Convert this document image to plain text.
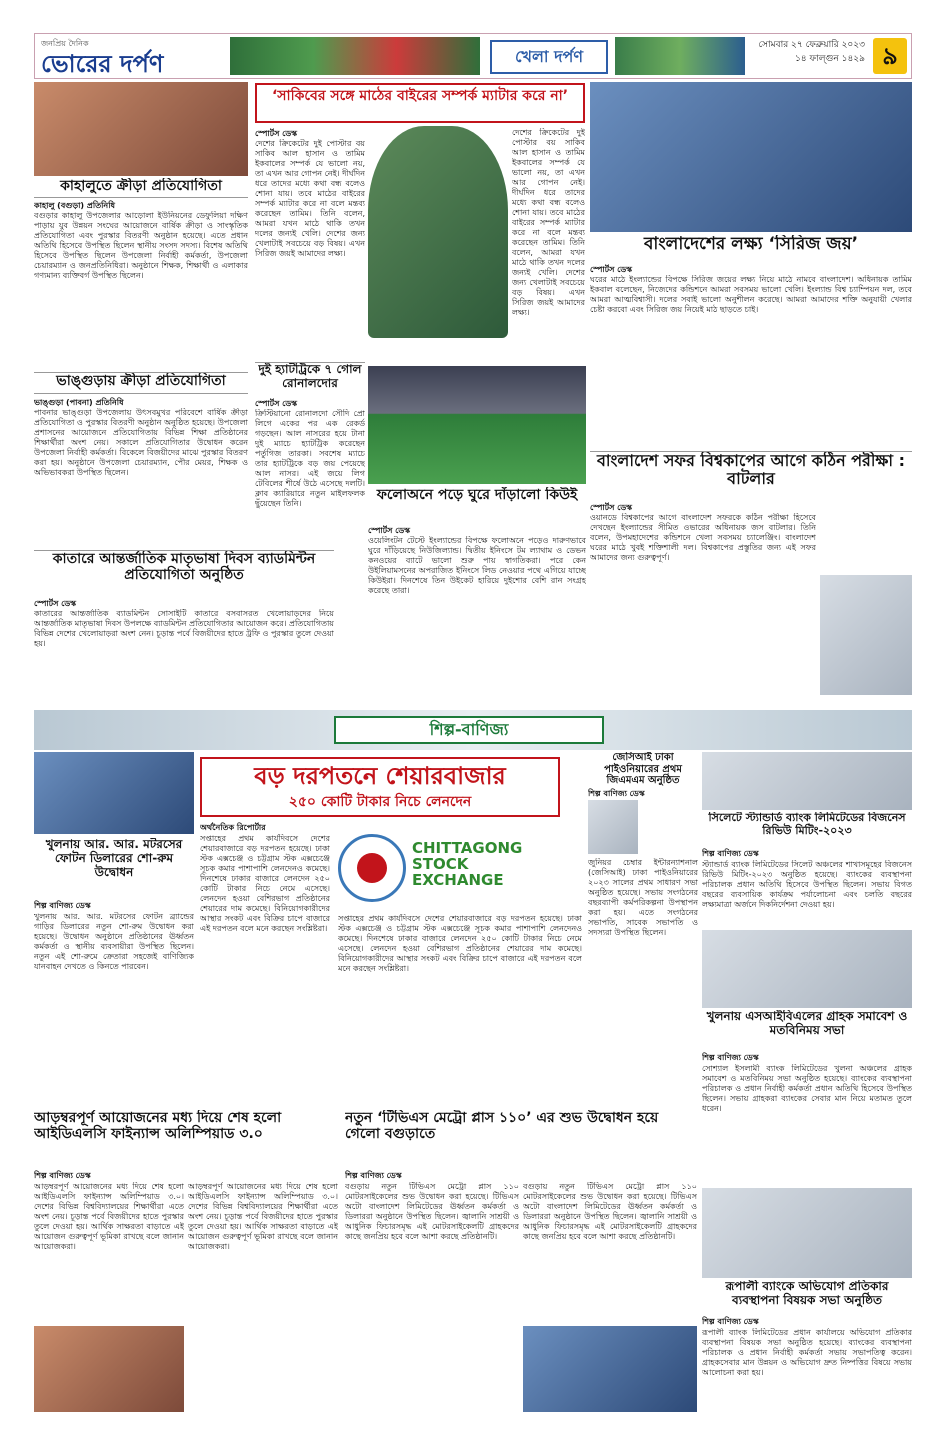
জনপ্রিয় দৈনিক
ভোরের দর্পণ	খেলা দর্পণ
সোমবার ২৭ ফেব্রুয়ারি ২০২৩
১৪ ফাল্গুন ১৪২৯ ৯
কাহালুতে ক্রীড়া প্রতিযোগিতা
কাহালু (বগুড়া) প্রতিনিধি
বগুড়ার কাহালু উপজেলার আড়োলা ইউনিয়নের ডেফুলিয়া দক্ষিণ পাড়ায় যুব উন্নয়ন সংঘের আয়োজনে বার্ষিক ক্রীড়া ও সাংস্কৃতিক প্রতিযোগিতা এবং পুরস্কার বিতরণী অনুষ্ঠান হয়েছে। এতে প্রধান অতিথি হিসেবে উপস্থিত ছিলেন স্থানীয় সংসদ সদস্য। বিশেষ অতিথি হিসেবে উপস্থিত ছিলেন উপজেলা নির্বাহী কর্মকর্তা, উপজেলা চেয়ারম্যান ও জনপ্রতিনিধিরা। অনুষ্ঠানে শিক্ষক, শিক্ষার্থী ও এলাকার গণ্যমান্য ব্যক্তিবর্গ উপস্থিত ছিলেন।
ভাঙ্গুড়ায় ক্রীড়া প্রতিযোগিতা
ভাঙ্গুড়া (পাবনা) প্রতিনিধি
পাবনার ভাঙ্গুড়া উপজেলায় উৎসবমুখর পরিবেশে বার্ষিক ক্রীড়া প্রতিযোগিতা ও পুরস্কার বিতরণী অনুষ্ঠান অনুষ্ঠিত হয়েছে। উপজেলা প্রশাসনের আয়োজনে প্রতিযোগিতায় বিভিন্ন শিক্ষা প্রতিষ্ঠানের শিক্ষার্থীরা অংশ নেয়। সকালে প্রতিযোগিতার উদ্বোধন করেন উপজেলা নির্বাহী কর্মকর্তা। বিকেলে বিজয়ীদের মাঝে পুরস্কার বিতরণ করা হয়। অনুষ্ঠানে উপজেলা চেয়ারম্যান, পৌর মেয়র, শিক্ষক ও অভিভাবকরা উপস্থিত ছিলেন।
কাতারে আন্তর্জাতিক মাতৃভাষা দিবস ব্যাডমিন্টন প্রতিযোগিতা অনুষ্ঠিত
স্পোর্টস ডেস্ক
কাতারের আন্তর্জাতিক ব্যাডমিন্টন সোসাইটি কাতারে বসবাসরত খেলোয়াড়দের নিয়ে আন্তর্জাতিক মাতৃভাষা দিবস উপলক্ষে ব্যাডমিন্টন প্রতিযোগিতার আয়োজন করে। প্রতিযোগিতায় বিভিন্ন দেশের খেলোয়াড়রা অংশ নেন। চূড়ান্ত পর্বে বিজয়ীদের হাতে ট্রফি ও পুরস্কার তুলে দেওয়া হয়।
‘সাকিবের সঙ্গে মাঠের বাইরের সম্পর্ক ম্যাটার করে না’
স্পোর্টস ডেস্ক
দেশের ক্রিকেটের দুই পোস্টার বয় সাকিব আল হাসান ও তামিম ইকবালের সম্পর্ক যে ভালো নয়, তা এখন আর গোপন নেই। দীর্ঘদিন ধরে তাদের মধ্যে কথা বন্ধ বলেও শোনা যায়। তবে মাঠের বাইরের সম্পর্ক ম্যাটার করে না বলে মন্তব্য করেছেন তামিম। তিনি বলেন, আমরা যখন মাঠে থাকি তখন দলের জন্যই খেলি। দেশের জন্য খেলাটাই সবচেয়ে বড় বিষয়। এখন সিরিজ জয়ই আমাদের লক্ষ্য।
দেশের ক্রিকেটের দুই পোস্টার বয় সাকিব আল হাসান ও তামিম ইকবালের সম্পর্ক যে ভালো নয়, তা এখন আর গোপন নেই। দীর্ঘদিন ধরে তাদের মধ্যে কথা বন্ধ বলেও শোনা যায়। তবে মাঠের বাইরের সম্পর্ক ম্যাটার করে না বলে মন্তব্য করেছেন তামিম। তিনি বলেন, আমরা যখন মাঠে থাকি তখন দলের জন্যই খেলি। দেশের জন্য খেলাটাই সবচেয়ে বড় বিষয়। এখন সিরিজ জয়ই আমাদের লক্ষ্য।
দুই হ্যাটট্রিকে ৭ গোল রোনালদোর
স্পোর্টস ডেস্ক
ক্রিস্টিয়ানো রোনালদো সৌদি প্রো লিগে একের পর এক রেকর্ড গড়ছেন। আল নাসরের হয়ে টানা দুই ম্যাচে হ্যাটট্রিক করেছেন পর্তুগিজ তারকা। সবশেষ ম্যাচে তার হ্যাটট্রিকে বড় জয় পেয়েছে আল নাসর। এই জয়ে লিগ টেবিলের শীর্ষে উঠে এসেছে দলটি। ক্লাব ক্যারিয়ারে নতুন মাইলফলক ছুঁয়েছেন তিনি।
ফলোঅনে পড়ে ঘুরে দাঁড়ালো কিউই
স্পোর্টস ডেস্ক
ওয়েলিংটন টেস্টে ইংল্যান্ডের বিপক্ষে ফলোঅনে পড়েও দারুণভাবে ঘুরে দাঁড়িয়েছে নিউজিল্যান্ড। দ্বিতীয় ইনিংসে টম ল্যাথাম ও ডেভন কনওয়ের ব্যাটে ভালো শুরু পায় স্বাগতিকরা। পরে কেন উইলিয়ামসনের অপরাজিত ইনিংসে লিড নেওয়ার পথে এগিয়ে যাচ্ছে কিউইরা। দিনশেষে তিন উইকেট হারিয়ে দুইশোর বেশি রান সংগ্রহ করেছে তারা।
বাংলাদেশের লক্ষ্য ‘সিরিজ জয়’
স্পোর্টস ডেস্ক
ঘরের মাঠে ইংল্যান্ডের বিপক্ষে সিরিজ জয়ের লক্ষ্য নিয়ে মাঠে নামবে বাংলাদেশ। অধিনায়ক তামিম ইকবাল বলেছেন, নিজেদের কন্ডিশনে আমরা সবসময় ভালো খেলি। ইংল্যান্ড বিশ্ব চ্যাম্পিয়ন দল, তবে আমরা আত্মবিশ্বাসী। দলের সবাই ভালো অনুশীলন করেছে। আমরা আমাদের শক্তি অনুযায়ী খেলার চেষ্টা করবো এবং সিরিজ জয় নিয়েই মাঠ ছাড়তে চাই।
বাংলাদেশ সফর বিশ্বকাপের আগে কঠিন পরীক্ষা : বাটলার
স্পোর্টস ডেস্ক
ওয়ানডে বিশ্বকাপের আগে বাংলাদেশ সফরকে কঠিন পরীক্ষা হিসেবে দেখছেন ইংল্যান্ডের সীমিত ওভারের অধিনায়ক জস বাটলার। তিনি বলেন, উপমহাদেশের কন্ডিশনে খেলা সবসময় চ্যালেঞ্জিং। বাংলাদেশ ঘরের মাঠে খুবই শক্তিশালী দল। বিশ্বকাপের প্রস্তুতির জন্য এই সফর আমাদের জন্য গুরুত্বপূর্ণ।
শিল্প-বাণিজ্য
বড় দরপতনে শেয়ারবাজার
২৫০ কোটি টাকার নিচে লেনদেন
অর্থনৈতিক রিপোর্টার
সপ্তাহের প্রথম কার্যদিবসে দেশের শেয়ারবাজারে বড় দরপতন হয়েছে। ঢাকা স্টক এক্সচেঞ্জ ও চট্টগ্রাম স্টক এক্সচেঞ্জে সূচক কমার পাশাপাশি লেনদেনও কমেছে। দিনশেষে ঢাকার বাজারে লেনদেন ২৫০ কোটি টাকার নিচে নেমে এসেছে। লেনদেন হওয়া বেশিরভাগ প্রতিষ্ঠানের শেয়ারের দাম কমেছে। বিনিয়োগকারীদের আস্থার সংকট এবং বিক্রির চাপে বাজারে এই দরপতন বলে মনে করছেন সংশ্লিষ্টরা।
CHITTAGONG
STOCK
EXCHANGE
সপ্তাহের প্রথম কার্যদিবসে দেশের শেয়ারবাজারে বড় দরপতন হয়েছে। ঢাকা স্টক এক্সচেঞ্জ ও চট্টগ্রাম স্টক এক্সচেঞ্জে সূচক কমার পাশাপাশি লেনদেনও কমেছে। দিনশেষে ঢাকার বাজারে লেনদেন ২৫০ কোটি টাকার নিচে নেমে এসেছে। লেনদেন হওয়া বেশিরভাগ প্রতিষ্ঠানের শেয়ারের দাম কমেছে। বিনিয়োগকারীদের আস্থার সংকট এবং বিক্রির চাপে বাজারে এই দরপতন বলে মনে করছেন সংশ্লিষ্টরা।
খুলনায় আর. আর. মটরসের ফোটন ডিলারের শো-রুম উদ্বোধন
শিল্প বাণিজ্য ডেস্ক
খুলনায় আর. আর. মটরসের ফোটন ব্র্যান্ডের গাড়ির ডিলারের নতুন শো-রুম উদ্বোধন করা হয়েছে। উদ্বোধন অনুষ্ঠানে প্রতিষ্ঠানের ঊর্ধ্বতন কর্মকর্তা ও স্থানীয় ব্যবসায়ীরা উপস্থিত ছিলেন। নতুন এই শো-রুমে ক্রেতারা সহজেই বাণিজ্যিক যানবাহন দেখতে ও কিনতে পারবেন।
জেসিআই ঢাকা পাইওনিয়ারের প্রথম জিএমএম অনুষ্ঠিত
শিল্প বাণিজ্য ডেস্ক
জুনিয়র চেম্বার ইন্টারন্যাশনাল (জেসিআই) ঢাকা পাইওনিয়ারের ২০২৩ সালের প্রথম সাধারণ সভা অনুষ্ঠিত হয়েছে। সভায় সংগঠনের বছরব্যাপী কর্মপরিকল্পনা উপস্থাপন করা হয়। এতে সংগঠনের সভাপতি, সাবেক সভাপতি ও সদস্যরা উপস্থিত ছিলেন।
সিলেটে স্ট্যান্ডার্ড ব্যাংক লিমিটেডের বিজনেস রিভিউ মিটিং-২০২৩
শিল্প বাণিজ্য ডেস্ক
স্ট্যান্ডার্ড ব্যাংক লিমিটেডের সিলেট অঞ্চলের শাখাসমূহের বিজনেস রিভিউ মিটিং-২০২৩ অনুষ্ঠিত হয়েছে। ব্যাংকের ব্যবস্থাপনা পরিচালক প্রধান অতিথি হিসেবে উপস্থিত ছিলেন। সভায় বিগত বছরের ব্যবসায়িক কার্যক্রম পর্যালোচনা এবং চলতি বছরের লক্ষ্যমাত্রা অর্জনে দিকনির্দেশনা দেওয়া হয়।
খুলনায় এসআইবিএলের গ্রাহক সমাবেশ ও মতবিনিময় সভা
শিল্প বাণিজ্য ডেস্ক
সোশ্যাল ইসলামী ব্যাংক লিমিটেডের খুলনা অঞ্চলের গ্রাহক সমাবেশ ও মতবিনিময় সভা অনুষ্ঠিত হয়েছে। ব্যাংকের ব্যবস্থাপনা পরিচালক ও প্রধান নির্বাহী কর্মকর্তা প্রধান অতিথি হিসেবে উপস্থিত ছিলেন। সভায় গ্রাহকরা ব্যাংকের সেবার মান নিয়ে মতামত তুলে ধরেন।
আড়ম্বরপূর্ণ আয়োজনের মধ্য দিয়ে শেষ হলো আইডিএলসি ফাইন্যান্স অলিম্পিয়াড ৩.০
শিল্প বাণিজ্য ডেস্ক
আড়ম্বরপূর্ণ আয়োজনের মধ্য দিয়ে শেষ হলো আইডিএলসি ফাইন্যান্স অলিম্পিয়াড ৩.০। দেশের বিভিন্ন বিশ্ববিদ্যালয়ের শিক্ষার্থীরা এতে অংশ নেয়। চূড়ান্ত পর্বে বিজয়ীদের হাতে পুরস্কার তুলে দেওয়া হয়। আর্থিক সাক্ষরতা বাড়াতে এই আয়োজন গুরুত্বপূর্ণ ভূমিকা রাখছে বলে জানান আয়োজকরা।
আড়ম্বরপূর্ণ আয়োজনের মধ্য দিয়ে শেষ হলো আইডিএলসি ফাইন্যান্স অলিম্পিয়াড ৩.০। দেশের বিভিন্ন বিশ্ববিদ্যালয়ের শিক্ষার্থীরা এতে অংশ নেয়। চূড়ান্ত পর্বে বিজয়ীদের হাতে পুরস্কার তুলে দেওয়া হয়। আর্থিক সাক্ষরতা বাড়াতে এই আয়োজন গুরুত্বপূর্ণ ভূমিকা রাখছে বলে জানান আয়োজকরা।
নতুন ‘টিভিএস মেট্রো প্লাস ১১০’ এর শুভ উদ্বোধন হয়ে গেলো বগুড়াতে
শিল্প বাণিজ্য ডেস্ক
বগুড়ায় নতুন টিভিএস মেট্রো প্লাস ১১০ মোটরসাইকেলের শুভ উদ্বোধন করা হয়েছে। টিভিএস অটো বাংলাদেশ লিমিটেডের ঊর্ধ্বতন কর্মকর্তা ও ডিলাররা অনুষ্ঠানে উপস্থিত ছিলেন। জ্বালানি সাশ্রয়ী ও আধুনিক ফিচারসমৃদ্ধ এই মোটরসাইকেলটি গ্রাহকদের কাছে জনপ্রিয় হবে বলে আশা করছে প্রতিষ্ঠানটি।
বগুড়ায় নতুন টিভিএস মেট্রো প্লাস ১১০ মোটরসাইকেলের শুভ উদ্বোধন করা হয়েছে। টিভিএস অটো বাংলাদেশ লিমিটেডের ঊর্ধ্বতন কর্মকর্তা ও ডিলাররা অনুষ্ঠানে উপস্থিত ছিলেন। জ্বালানি সাশ্রয়ী ও আধুনিক ফিচারসমৃদ্ধ এই মোটরসাইকেলটি গ্রাহকদের কাছে জনপ্রিয় হবে বলে আশা করছে প্রতিষ্ঠানটি।
রূপালী ব্যাংকে অভিযোগ প্রতিকার ব্যবস্থাপনা বিষয়ক সভা অনুষ্ঠিত
শিল্প বাণিজ্য ডেস্ক
রূপালী ব্যাংক লিমিটেডের প্রধান কার্যালয়ে অভিযোগ প্রতিকার ব্যবস্থাপনা বিষয়ক সভা অনুষ্ঠিত হয়েছে। ব্যাংকের ব্যবস্থাপনা পরিচালক ও প্রধান নির্বাহী কর্মকর্তা সভায় সভাপতিত্ব করেন। গ্রাহকসেবার মান উন্নয়ন ও অভিযোগ দ্রুত নিষ্পত্তির বিষয়ে সভায় আলোচনা করা হয়।
